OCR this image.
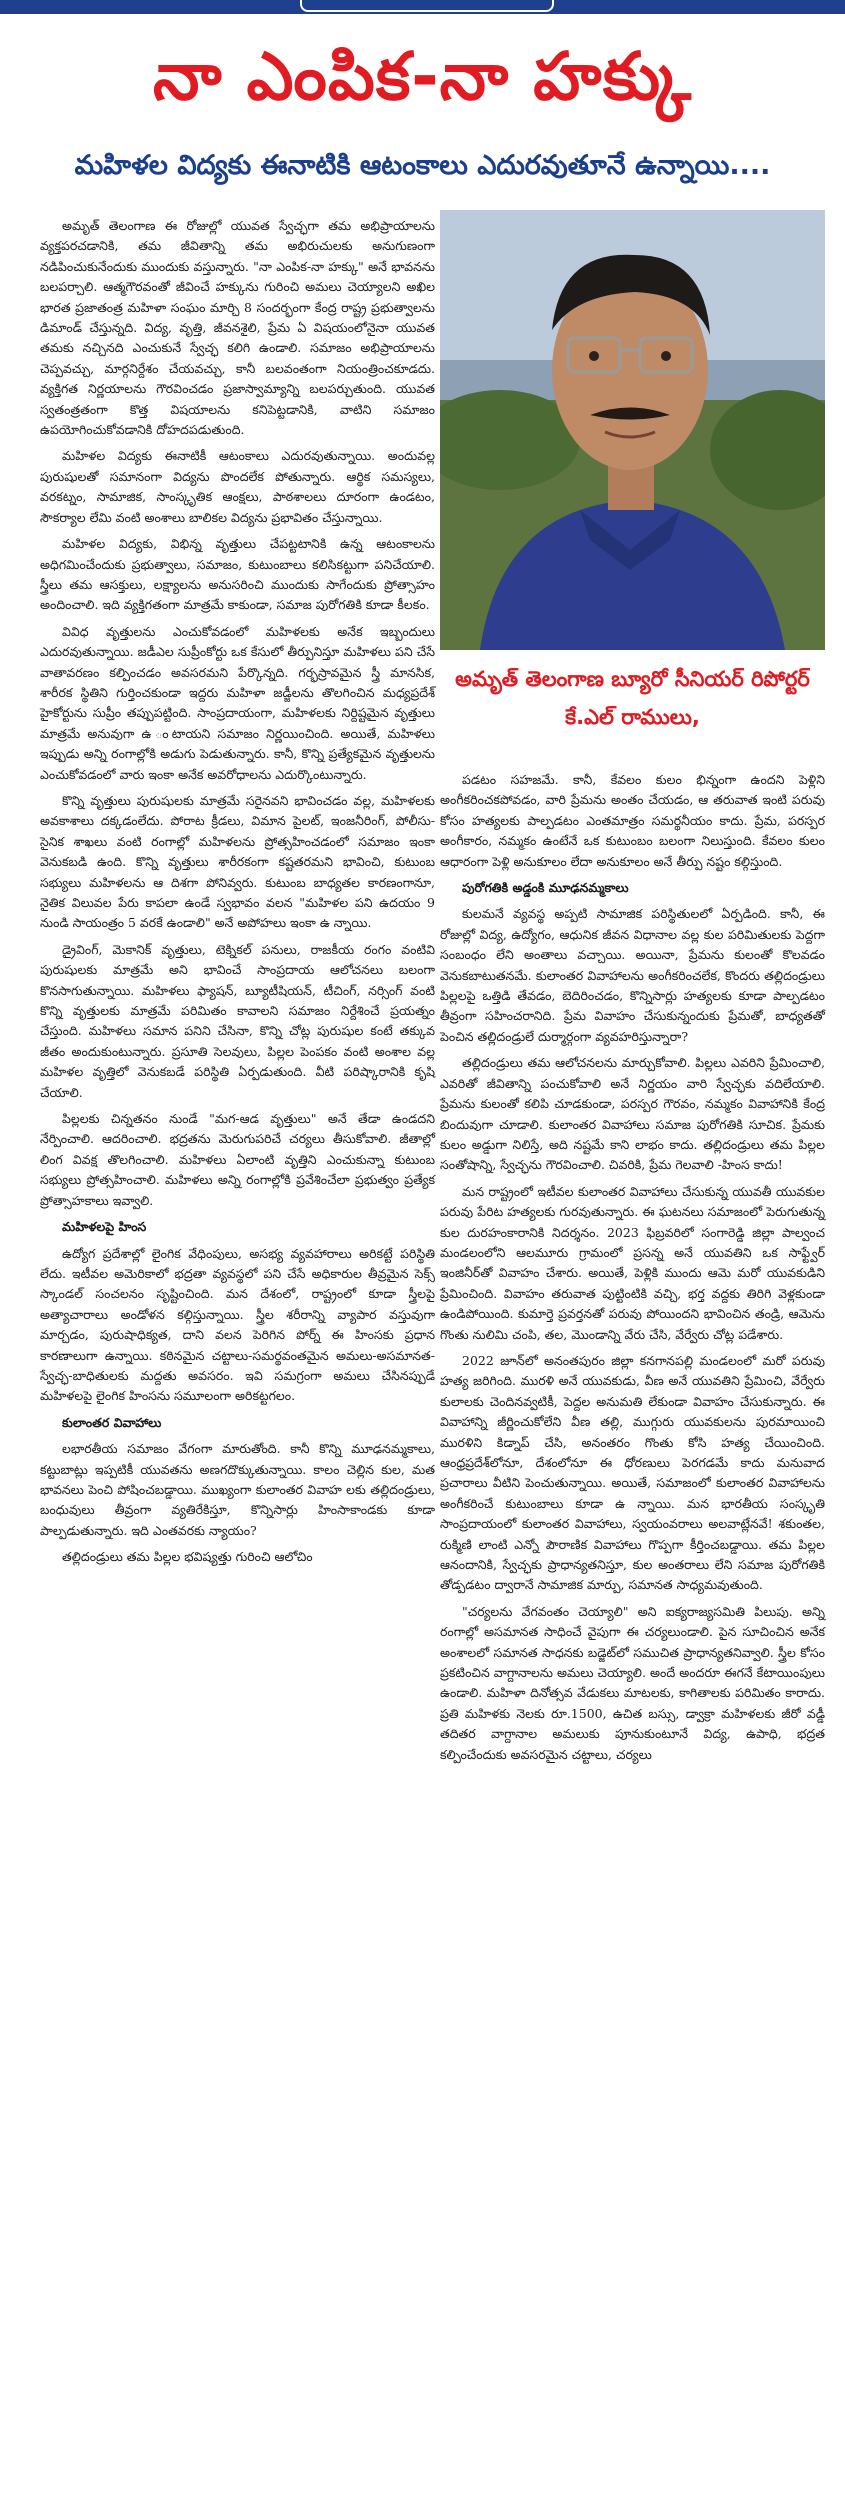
నా ఎంపిక-నా హక్కు
మహిళల విద్యకు ఈనాటికి ఆటంకాలు ఎదురవుతూనే ఉన్నాయి....

అమృత్ తెలంగాణ ఈ రోజుల్లో యువత స్వేచ్ఛగా తమ అభిప్రాయాలను వ్యక్తపరచడానికి, తమ జీవితాన్ని తమ అభిరుచులకు అనుగుణంగా నడిపించుకునేందుకు ముందుకు వస్తున్నారు. "నా ఎంపిక-నా హక్కు" అనే భావనను బలపర్చాలి. ఆత్మగౌరవంతో జీవించే హక్కును గురించి అమలు చెయ్యాలని అఖిల భారత ప్రజాతంత్ర మహిళా సంఘం మార్చి 8 సందర్భంగా కేంద్ర రాష్ట్ర ప్రభుత్వాలను డిమాండ్ చేస్తున్నది. విద్య, వృత్తి, జీవనశైలి, ప్రేమ ఏ విషయంలోనైనా యువత తమకు నచ్చినది ఎంచుకునే స్వేచ్ఛ కలిగి ఉండాలి. సమాజం అభిప్రాయాలను చెప్పవచ్చు, మార్గనిర్దేశం చేయవచ్చు, కానీ బలవంతంగా నియంత్రించకూడదు. వ్యక్తిగత నిర్ణయాలను గౌరవించడం ప్రజాస్వామ్యాన్ని బలపర్చుతుంది. యువత స్వతంత్రతంగా కొత్త విషయాలను కనిపెట్టడానికి, వాటిని సమాజం ఉపయోగించుకోవడానికి దోహదపడుతుంది.

మహిళల విద్యకు ఈనాటికీ ఆటంకాలు ఎదురవుతున్నాయి. అందువల్ల పురుషులతో సమానంగా విద్యను పొందలేక పోతున్నారు. ఆర్థిక సమస్యలు, వరకట్నం, సామాజిక, సాంస్కృతిక ఆంక్షలు, పాఠశాలలు దూరంగా ఉండటం, సౌకర్యాల లేమి వంటి అంశాలు బాలికల విద్యను ప్రభావితం చేస్తున్నాయి.

మహిళల విద్యకు, విభిన్న వృత్తులు చేపట్టటానికి ఉన్న ఆటంకాలను అధిగమించేందుకు ప్రభుత్వాలు, సమాజం, కుటుంబాలు కలిసికట్టుగా పనిచేయాలి. స్త్రీలు తమ ఆసక్తులు, లక్ష్యాలను అనుసరించి ముందుకు సాగేందుకు ప్రోత్సాహం అందించాలి. ఇది వ్యక్తిగతంగా మాత్రమే కాకుండా, సమాజ పురోగతికి కూడా కీలకం.

వివిధ వృత్తులను ఎంచుకోవడంలో మహిళలకు అనేక ఇబ్బందులు ఎదురవుతున్నాయి. జడీఎల సుప్రీంకోర్టు ఒక కేసులో తీర్పునిస్తూ మహిళలు పని చేసే వాతావరణం కల్పించడం అవసరమని పేర్కొన్నది. గర్భస్రావమైన స్త్రీ మానసిక, శారీరక స్థితిని గుర్తించకుండా ఇద్దరు మహిళా జడ్జీలను తొలగించిన మధ్యప్రదేశ్ హైకోర్టును సుప్రీం తప్పుపట్టింది. సాంప్రదాయంగా, మహిళలకు నిర్దిష్టమైన వృత్తులు మాత్రమే అనువుగా ఉ ంటాయని సమాజం నిర్ణయించింది. అయితే, మహిళలు ఇప్పుడు అన్ని రంగాల్లోకి అడుగు పెడుతున్నారు. కానీ, కొన్ని ప్రత్యేకమైన వృత్తులను ఎంచుకోవడంలో వారు ఇంకా అనేక అవరోధాలను ఎదుర్కొంటున్నారు.

కొన్ని వృత్తులు పురుషులకు మాత్రమే సరైనవని భావించడం వల్ల, మహిళలకు అవకాశాలు దక్కడంలేదు. పోరాట క్రీడలు, విమాన పైలట్, ఇంజనీరింగ్, పోలీసు-సైనిక శాఖలు వంటి రంగాల్లో మహిళలను ప్రోత్సహించడంలో సమాజం ఇంకా వెనుకబడి ఉంది. కొన్ని వృత్తులు శారీరకంగా కష్టతరమని భావించి, కుటుంబ సభ్యులు మహిళలను ఆ దిశగా పోనివ్వరు. కుటుంబ బాధ్యతల కారణంగానూ, నైతిక విలువల పేరు కాపలా ఉండే స్వభావం వలన "మహిళల పని ఉదయం 9 నుండి సాయంత్రం 5 వరకే ఉండాలి" అనే అపోహలు ఇంకా ఉ న్నాయి.

డ్రైవింగ్, మెకానిక్ వృత్తులు, టెక్నికల్ పనులు, రాజకీయ రంగం వంటివి పురుషులకు మాత్రమే అని భావించే సాంప్రదాయ ఆలోచనలు బలంగా కొనసాగుతున్నాయి. మహిళలు ఫ్యాషన్, బ్యూటీషియన్, టీచింగ్, నర్సింగ్ వంటి కొన్ని వృత్తులకు మాత్రమే పరిమితం కావాలని సమాజం నిర్దేశించే ప్రయత్నం చేస్తుంది. మహిళలు సమాన పనిని చేసినా, కొన్ని చోట్ల పురుషుల కంటే తక్కువ జీతం అందుకుంటున్నారు. ప్రసూతి సెలవులు, పిల్లల పెంపకం వంటి అంశాల వల్ల మహిళల వృత్తిలో వెనుకబడే పరిస్థితి ఏర్పడుతుంది. వీటి పరిష్కారానికి కృషి చేయాలి.

పిల్లలకు చిన్నతనం నుండే "మగ-ఆడ వృత్తులు" అనే తేడా ఉండదని నేర్పించాలి. ఆదరించాలి. భద్రతను మెరుగుపరిచే చర్యలు తీసుకోవాలి. జీతాల్లో లింగ వివక్ష తొలగించాలి. మహిళలు ఏలాంటి వృత్తిని ఎంచుకున్నా కుటుంబ సభ్యులు ప్రోత్సహించాలి. మహిళలు అన్ని రంగాల్లోకి ప్రవేశించేలా ప్రభుత్వం ప్రత్యేక ప్రోత్సాహకాలు ఇవ్వాలి.

మహిళలపై హింస

ఉద్యోగ ప్రదేశాల్లో లైంగిక వేధింపులు, అసభ్య వ్యవహారాలు అరికట్టే పరిస్థితి లేదు. ఇటీవల అమెరికాలో భద్రతా వ్యవస్థలో పని చేసే అధికారుల తీవ్రమైన సెక్స్ స్కాండల్ సంచలనం సృష్టించింది. మన దేశంలో, రాష్ట్రంలో కూడా స్త్రీలపై అత్యాచారాలు అండోళన కల్గిస్తున్నాయి. స్త్రీల శరీరాన్ని వ్యాపార వస్తువుగా మార్చడం, పురుషాధిక్యత, దాని వలన పెరిగిన పోర్న్ ఈ హింసకు ప్రధాన కారణాలుగా ఉన్నాయి. కఠినమైన చట్టాలు-సమర్థవంతమైన అమలు-అసమానత-స్వేచ్ఛ-బాధితులకు మద్దతు అవసరం. ఇవి సమగ్రంగా అమలు చేసినప్పుడే మహిళలపై లైంగిక హింసను సమూలంగా అరికట్టగలం.

కులాంతర వివాహాలు

లభారతీయ సమాజం వేగంగా మారుతోంది. కానీ కొన్ని మూఢనమ్మకాలు, కట్టుబాట్లు ఇప్పటికీ యువతను అణగదొక్కుతున్నాయి. కాలం చెల్లిన కుల, మత భావనలు పెంచి పోషించబడ్డాయి. ముఖ్యంగా కులాంతర వివాహ లకు తల్లిదండ్రులు, బంధువులు తీవ్రంగా వ్యతిరేకిస్తూ, కొన్నిసార్లు హింసాకాండకు కూడా పాల్పడుతున్నారు. ఇది ఎంతవరకు న్యాయం?

తల్లిదండ్రులు తమ పిల్లల భవిష్యత్తు గురించి ఆలోచిం

అమృత్ తెలంగాణ బ్యూరో సీనియర్ రిపోర్టర్ కే.ఎల్ రాములు,

పడటం సహజమే. కానీ, కేవలం కులం భిన్నంగా ఉందని పెళ్లిని అంగీకరించకపోవడం, వారి ప్రేమను అంతం చేయడం, ఆ తరువాత ఇంటి పరువు కోసం హత్యలకు పాల్పడటం ఎంతమాత్రం సమర్థనీయం కాదు. ప్రేమ, పరస్పర అంగీకారం, నమ్మకం ఉంటేనే ఒక కుటుంబం బలంగా నిలుస్తుంది. కేవలం కులం ఆధారంగా పెళ్లి అనుకూలం లేదా అనుకూలం అనే తీర్పు నష్టం కల్గిస్తుంది.

పురోగతికి అడ్డంకి మూఢనమ్మకాలు

కులమనే వ్యవస్థ అప్పటి సామాజిక పరిస్థితులలో ఏర్పడింది. కానీ, ఈ రోజుల్లో విద్య, ఉద్యోగం, ఆధునిక జీవన విధానాల వల్ల కుల పరిమితులకు పెద్దగా సంబంధం లేని అంతాలు వచ్చాయి. అయినా, ప్రేమను కులంతో కొలవడం వెనుకబాటుతనమే. కులాంతర వివాహాలను అంగీకరించలేక, కొందరు తల్లిదండ్రులు పిల్లలపై ఒత్తిడి తేవడం, బెదిరించడం, కొన్నిసార్లు హత్యలకు కూడా పాల్పడటం తీవ్రంగా సహించరానిది. ప్రేమ వివాహం చేసుకున్నందుకు ప్రేమతో, బాధ్యతతో పెంచిన తల్లిదండ్రులే దుర్మార్గంగా వ్యవహరిస్తున్నారా?

తల్లిదండ్రులు తమ ఆలోచనలను మార్చుకోవాలి. పిల్లలు ఎవరిని ప్రేమించాలి, ఎవరితో జీవితాన్ని పంచుకోవాలి అనే నిర్ణయం వారి స్వేచ్ఛకు వదిలేయాలి. ప్రేమను కులంతో కలిపి చూడకుండా, పరస్పర గౌరవం, నమ్మకం వివాహానికి కేంద్ర బిందువుగా చూడాలి. కులాంతర వివాహాలు సమాజ పురోగతికి సూచిక. ప్రేమకు కులం అడ్డుగా నిలిస్తే, అది నష్టమే కాని లాభం కాదు. తల్లిదండ్రులు తమ పిల్లల సంతోషాన్ని, స్వేచ్ఛను గౌరవించాలి. చివరికి, ప్రేమ గెలవాలి -హింస కాదు!

మన రాష్ట్రంలో ఇటీవల కులాంతర వివాహాలు చేసుకున్న యువతీ యువకుల పరువు పేరిట హత్యలకు గురవుతున్నారు. ఈ ఘటనలు సమాజంలో పెరుగుతున్న కుల దురహంకారానికి నిదర్శనం. 2023 ఫిబ్రవరిలో సంగారెడ్డి జిల్లా పాల్వంచ మండలంలోని ఆలమూరు గ్రామంలో ప్రసన్న అనే యువతిని ఒక సాఫ్ట్వేర్ ఇంజినీర్‌తో వివాహం చేశారు. అయితే, పెళ్లికి ముందు ఆమె మరో యువకుడిని ప్రేమించింది. వివాహం తరువాత పుట్టింటికి వచ్చి, భర్త వద్దకు తిరిగి వెళ్లకుండా ఉండిపోయింది. కుమార్తె ప్రవర్తనతో పరువు పోయిందని భావించిన తండ్రి, ఆమెను గొంతు నులిమి చంపి, తల, మొండాన్ని వేరు చేసి, వేర్వేరు చోట్ల పడేశారు.

2022 జూన్‌లో అనంతపురం జిల్లా కనగానపల్లి మండలంలో మరో పరువు హత్య జరిగింది. మురళి అనే యువకుడు, వీణ అనే యువతిని ప్రేమించి, వేర్వేరు కులాలకు చెందినవ్వటికీ, పెద్దల అనుమతి లేకుండా వివాహం చేసుకున్నారు. ఈ వివాహాన్ని జీర్ణించుకోలేని వీణ తల్లి, ముగ్గురు యువకులను పురమాయించి మురళిని కిడ్నాప్ చేసి, అనంతరం గొంతు కోసి హత్య చేయించింది. ఆంధ్రప్రదేశ్‌లోనూ, దేశంలోనూ ఈ ధోరణులు పెరగడమే కాదు మనువాద ప్రచారాలు వీటిని పెంచుతున్నాయి. అయితే, సమాజంలో కులాంతర వివాహాలను అంగీకరించే కుటుంబాలు కూడా ఉ న్నాయి. మన భారతీయ సంస్కృతి సాంప్రదాయంలో కులాంతర వివాహాలు, స్వయంవరాలు అలవాట్లేనవే! శకుంతల, రుక్మిణి లాంటి ఎన్నో పౌరాణిక వివాహాలు గొప్పగా కీర్తించబడ్డాయి. తమ పిల్లల ఆనందానికి, స్వేచ్ఛకు ప్రాధాన్యతనిస్తూ, కుల అంతరాలు లేని సమాజ పురోగతికి తోడ్పడటం ద్వారానే సామాజిక మార్పు, సమానత సాధ్యమవుతుంది.

"చర్యలను వేగవంతం చెయ్యాలి" అని ఐక్యరాజ్యసమితి పిలుపు. అన్ని రంగాల్లో అసమానత సాధించే వైపుగా ఈ చర్యలుండాలి. పైన సూచించిన అనేక అంశాలలో సమానత సాధనకు బడ్జెట్‌లో సముచిత ప్రాధాన్యతనివ్వాలి. స్త్రీల కోసం ప్రకటించిన వాగ్దానాలను అమలు చెయ్యాలి. అందే అందరూ ఈగనే కేటాయింపులు ఉండాలి. మహిళా దినోత్సవ వేడుకలు మాటలకు, కాగితాలకు పరిమితం కారాదు. ప్రతి మహిళకు నెలకు రూ.1500, ఉచిత బస్సు, డ్వాక్రా మహిళలకు జీరో వడ్డీ తదితర వాగ్దానాల అమలుకు పూనుకుంటూనే విద్య, ఉపాధి, భద్రత కల్పించేందుకు అవసరమైన చట్టాలు, చర్యలు
